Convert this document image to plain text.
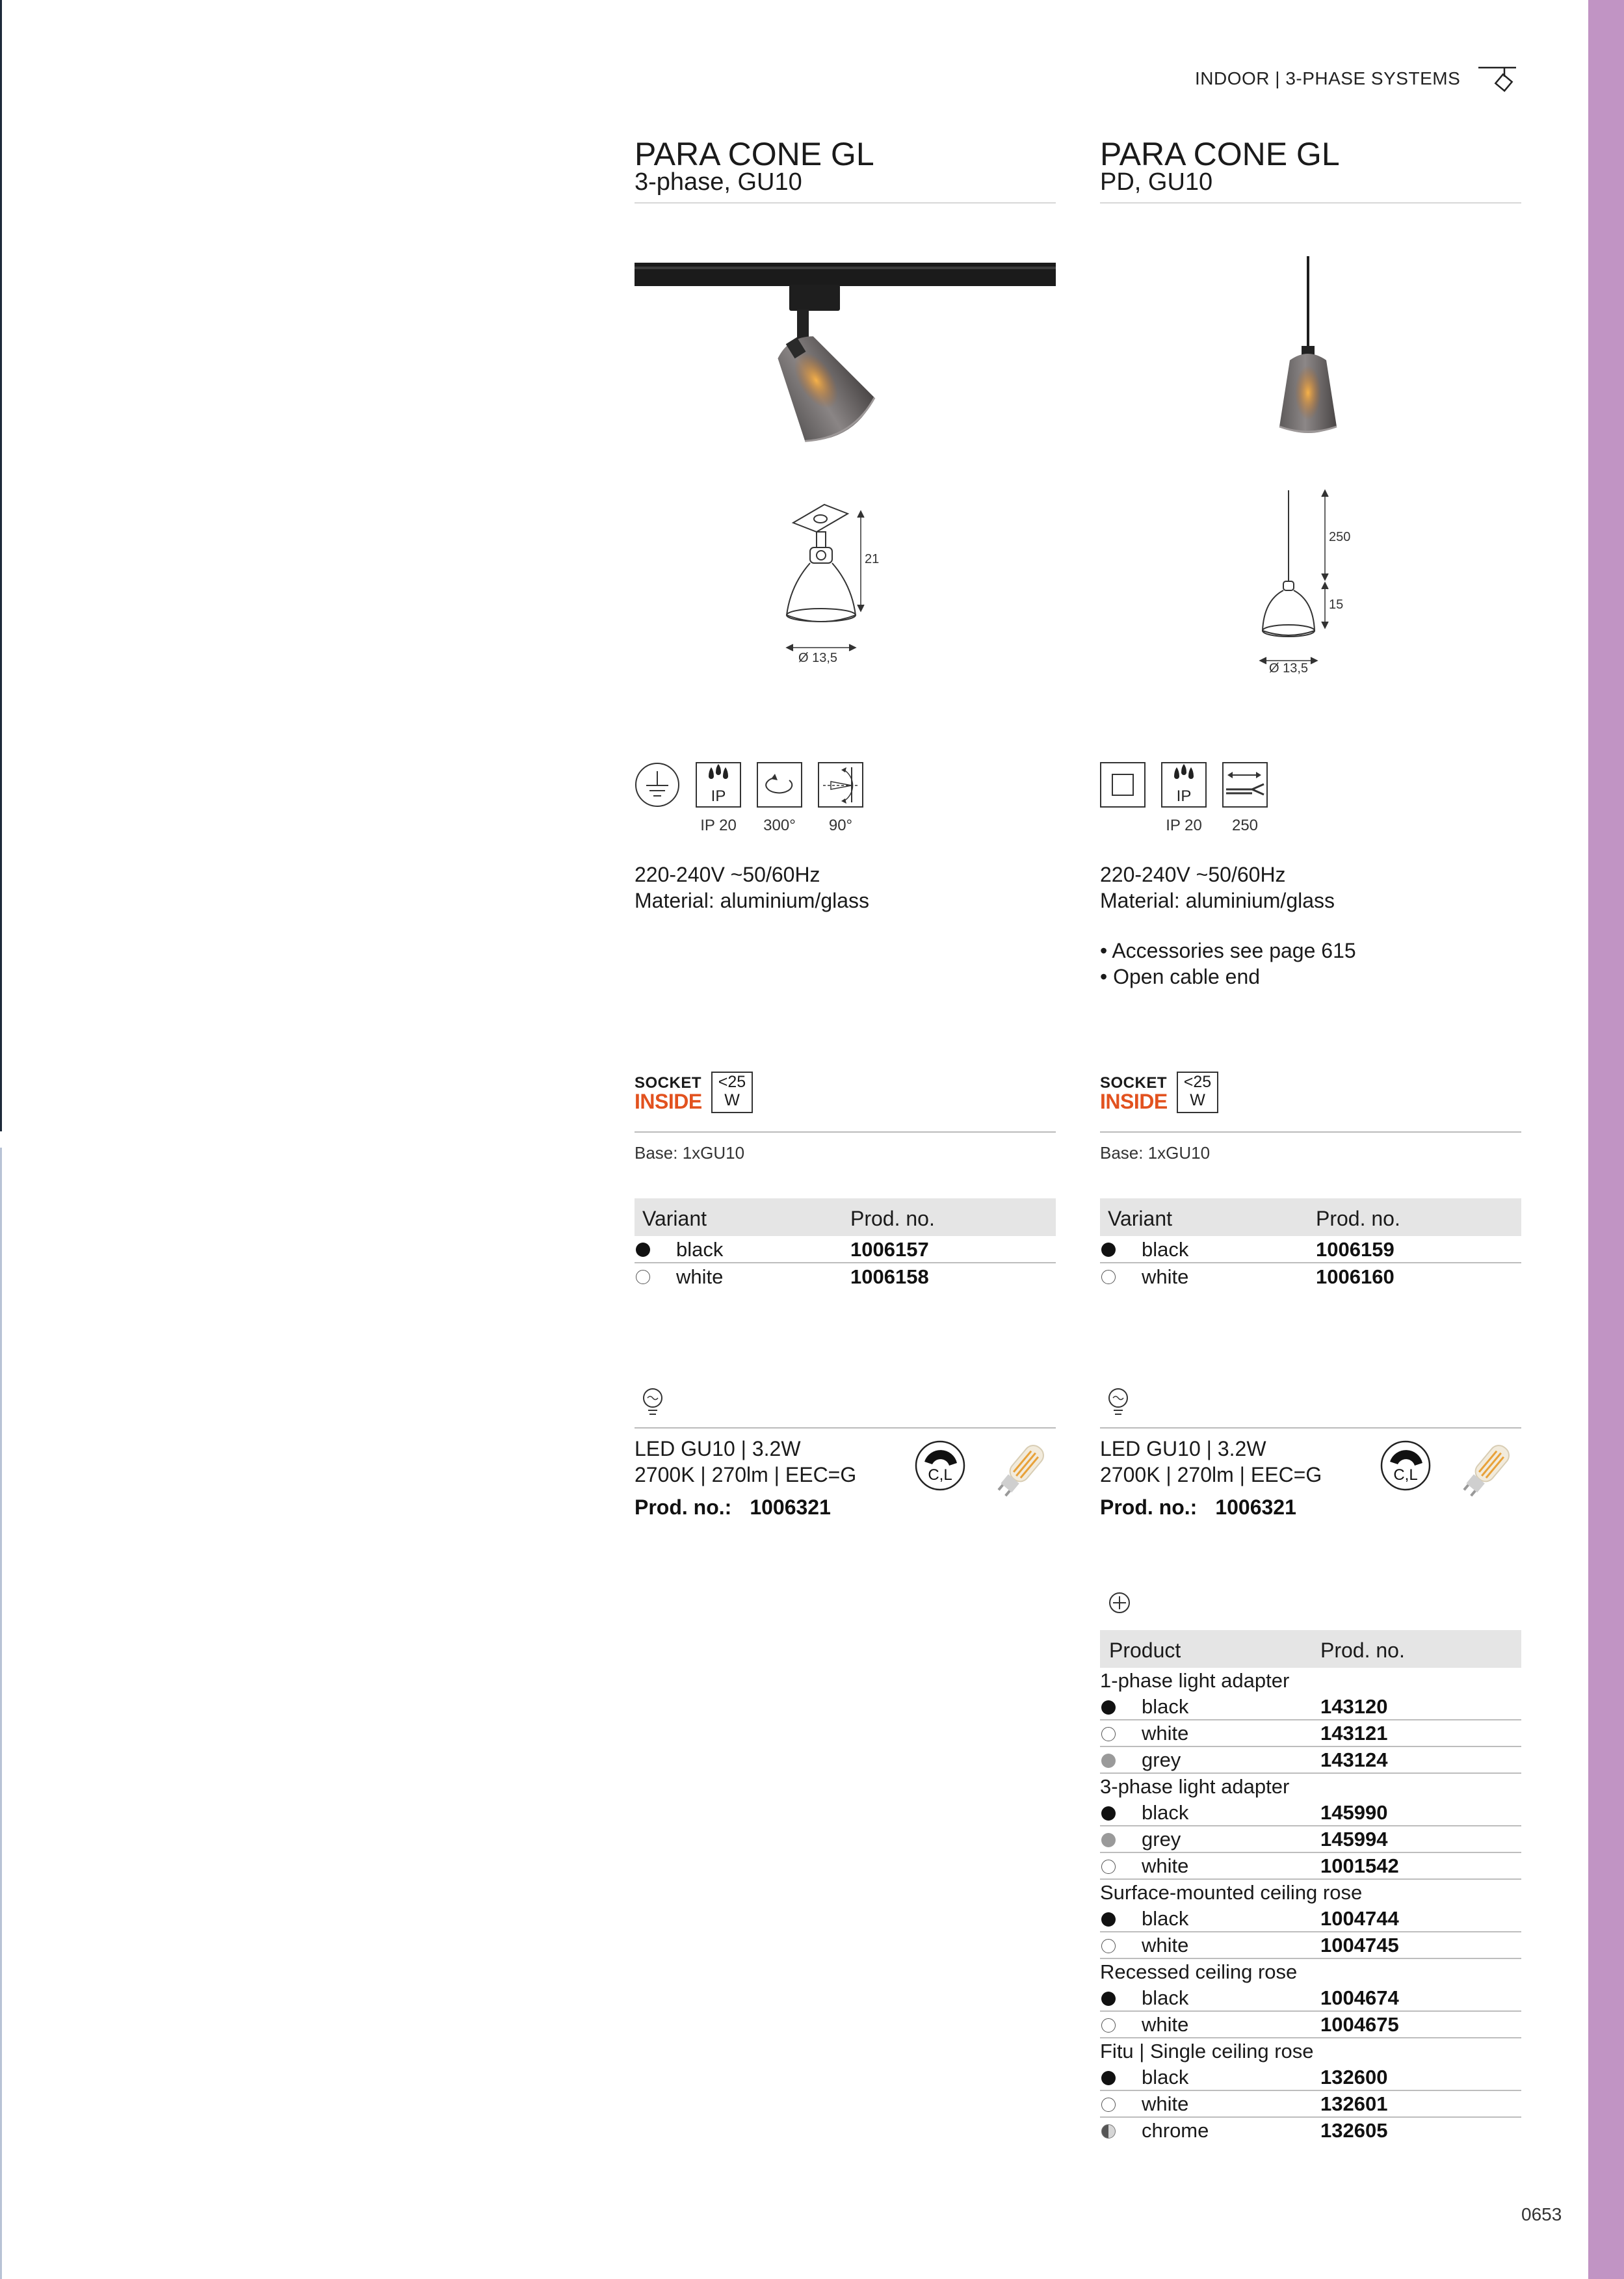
INDOOR | 3-PHASE SYSTEMS
PARA CONE GL
3-phase, GU10
21
Ø 13,5
IP
IP 20	300°	90°
220-240V ~50/60Hz
Material: aluminium/glass
SOCKET
INSIDE
<25
W
Base: 1xGU10
Variant	Prod. no.
black	1006157
white	1006158
LED GU10 | 3.2W
2700K | 270lm | EEC=G
Prod. no.: 1006321
C,L
PARA CONE GL
PD, GU10
250
15
Ø 13,5
IP
IP 20	250
220-240V ~50/60Hz
Material: aluminium/glass
• Accessories see page 615
• Open cable end
SOCKET
INSIDE
<25
W
Base: 1xGU10
Variant	Prod. no.
black	1006159
white	1006160
LED GU10 | 3.2W
2700K | 270lm | EEC=G
Prod. no.: 1006321
C,L
Product	Prod. no.
1-phase light adapter
black	143120
white	143121
grey	143124
3-phase light adapter
black	145990
grey	145994
white	1001542
Surface-mounted ceiling rose
black	1004744
white	1004745
Recessed ceiling rose
black	1004674
white	1004675
Fitu | Single ceiling rose
black	132600
white	132601
chrome	132605
0653
